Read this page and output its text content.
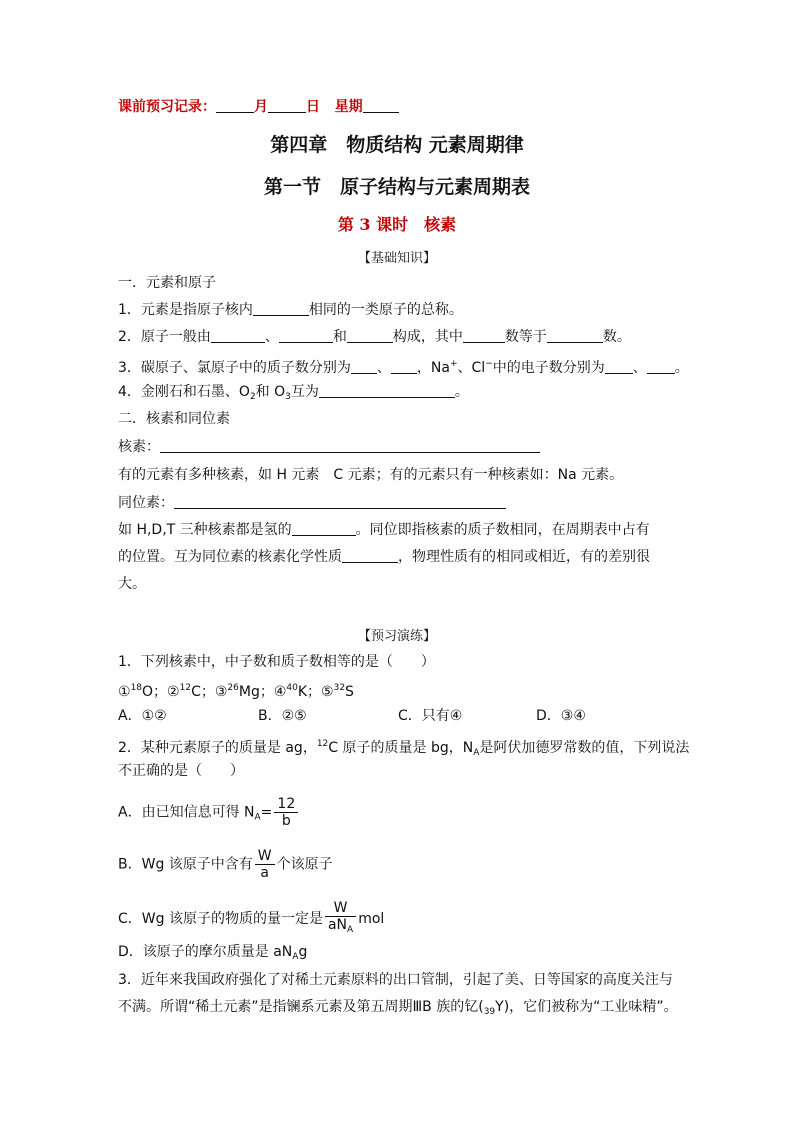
课前预习记录：	月	日 星期
第四章　物质结构 元素周期律
第一节　原子结构与元素周期表
第 3 课时　核素
【基础知识】
一．元素和原子
1．元素是指原子核内	相同的一类原子的总称。
2．原子一般由	、	和	构成，其中	数等于	数。
3．碳原子、氯原子中的质子数分别为 、 ，Na+、Cl−中的电子数分别为 、 。
4．金刚石和石墨、$O_2$和 $O_3$互为	。
二．核素和同位素
核素：
有的元素有多种核素，如 H 元素　C 元素；有的元素只有一种核素如：Na 元素。
同位素：
如 H,D,T 三种核素都是氢的	。同位即指核素的质子数相同，在周期表中占有
的位置。互为同位素的核素化学性质	，物理性质有的相同或相近，有的差别很
大。
【预习演练】
1．下列核素中，中子数和质子数相等的是（　　）
①$^{18}$O；②$^{12}$C；③$^{26}$Mg；④$^{40}$K；⑤$^{32}$S
A．①②	B．②⑤	C．只有④	D．③④
2．某种元素原子的质量是 ag，$^{12}$C 原子的质量是 bg，$N_A$是阿伏加德罗常数的值，下列说法
不正确的是（　　）
A．由已知信息可得 $N_A= \frac{12}{b}$
B．Wg 该原子中含有 $\frac{W}{a}$ 个该原子
C．Wg 该原子的物质的量一定是 $\frac{W}{aN_A}$ mol
D．该原子的摩尔质量是 $aN_Ag$
3．近年来我国政府强化了对稀土元素原料的出口管制，引起了美、日等国家的高度关注与
不满。所谓“稀土元素”是指镧系元素及第五周期ⅢB 族的钇$(_{39}Y)$，它们被称为“工业味精”。
